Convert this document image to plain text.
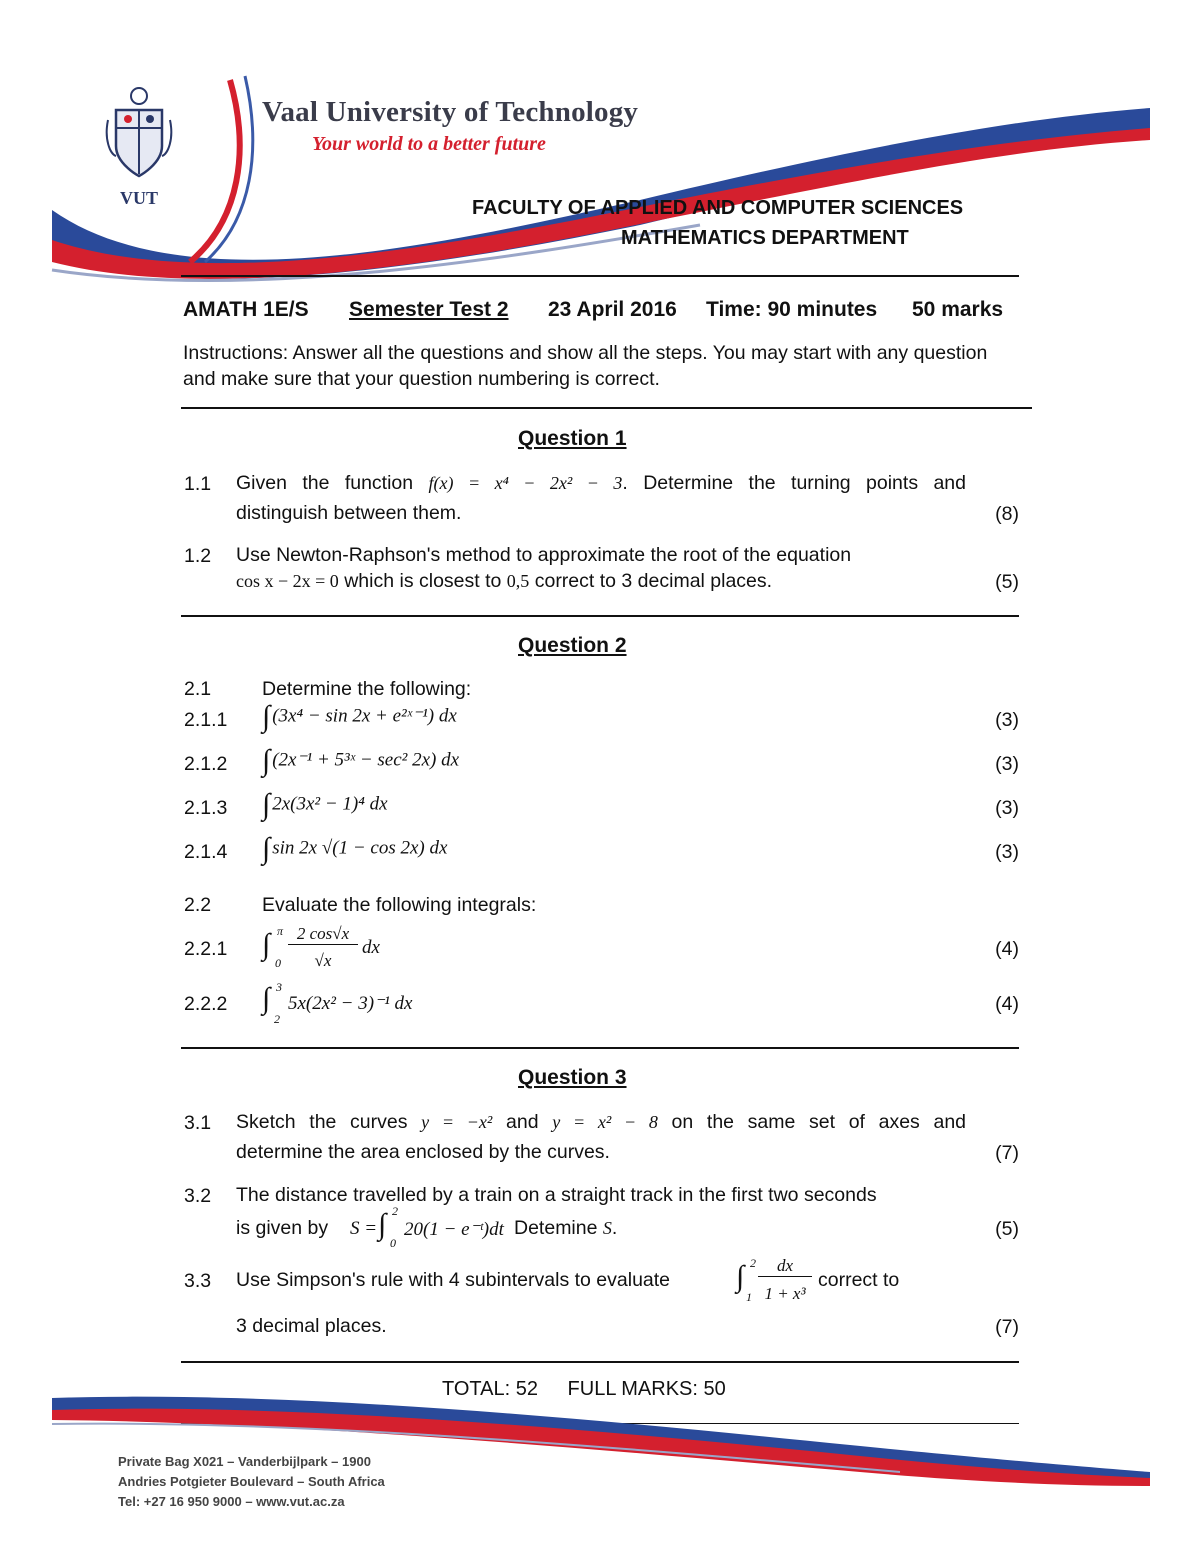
VUT
Vaal University of Technology
Your world to a better future
FACULTY OF APPLIED AND COMPUTER SCIENCES
MATHEMATICS DEPARTMENT
AMATH 1E/S Semester Test 2 23 April 2016 Time: 90 minutes 50 marks
Instructions: Answer all the questions and show all the steps. You may start with any question and make sure that your question numbering is correct.
Question 1
1.1 Given the function f(x) = x⁴ − 2x² − 3. Determine the turning points and
distinguish between them.	(8)
1.2 Use Newton-Raphson's method to approximate the root of the equation
cos x − 2x = 0 which is closest to 0,5 correct to 3 decimal places.	(5)
Question 2
2.1	Determine the following:
2.1.1 ∫ (3x⁴ − sin 2x + e²ˣ⁻¹) dx	(3)
2.1.2 ∫ (2x⁻¹ + 5³ˣ − sec² 2x) dx	(3)
2.1.3 ∫ 2x(3x² − 1)⁴ dx	(3)
2.1.4 ∫ sin 2x √(1 − cos 2x) dx	(3)
2.2	Evaluate the following integrals:
2.2.1 ∫ π
0
2 cos√x
√x
dx	(4)
2.2.2 ∫ 3
2
5x(2x² − 3)⁻¹ dx	(4)
Question 3
3.1 Sketch the curves y = −x² and y = x² − 8 on the same set of axes and
determine the area enclosed by the curves.	(7)
3.2 The distance travelled by a train on a straight track in the first two seconds
is given by S = ∫ 2
0
20(1 − e⁻ᵗ)dt Detemine S.	(5)
3.3 Use Simpson's rule with 4 subintervals to evaluate ∫ 2
1
dx
1 + x³
correct to
3 decimal places.	(7)
TOTAL: 52 FULL MARKS: 50
Private Bag X021 – Vanderbijlpark – 1900
Andries Potgieter Boulevard – South Africa
Tel: +27 16 950 9000 – www.vut.ac.za
